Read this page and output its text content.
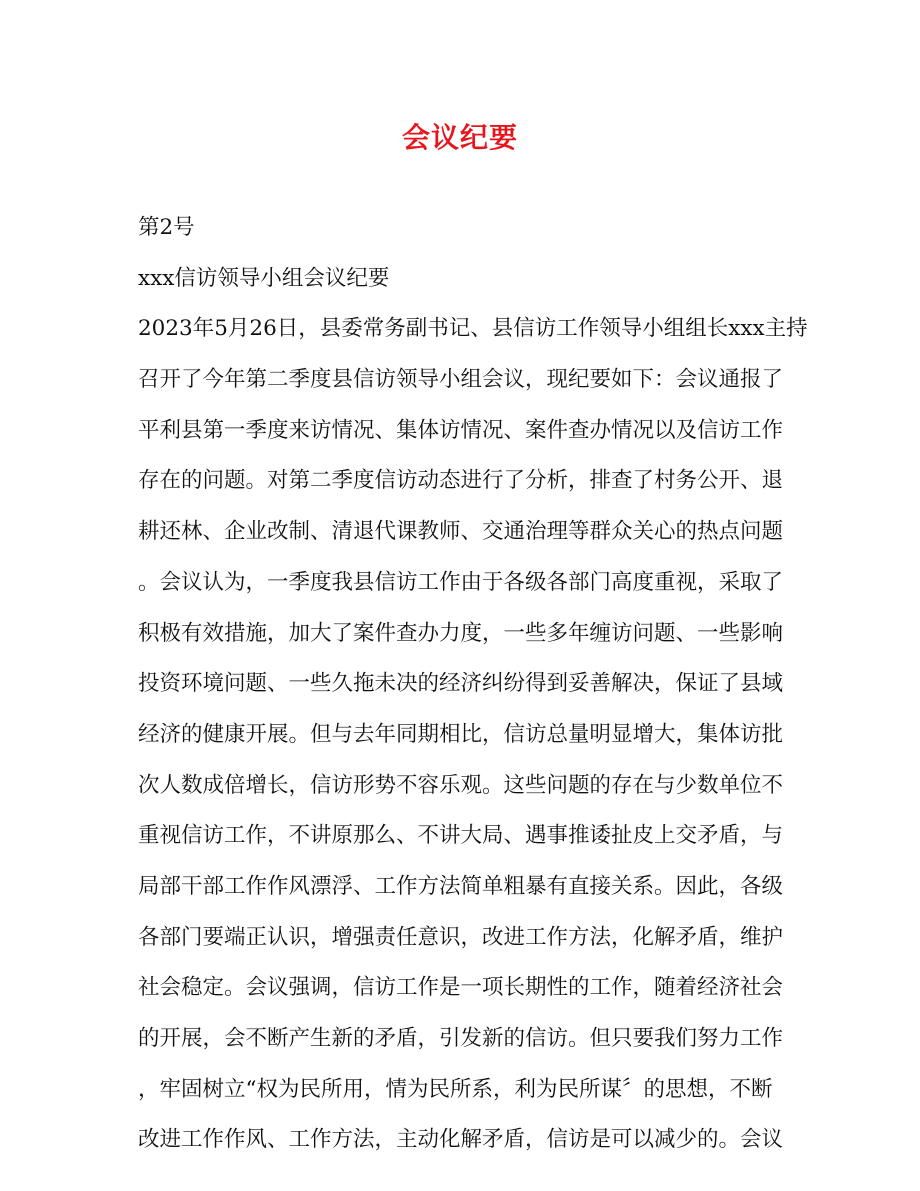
会议纪要
第2号
xxx信访领导小组会议纪要
2023年5月26日，县委常务副书记、县信访工作领导小组组长xxx主持
召开了今年第二季度县信访领导小组会议，现纪要如下：会议通报了
平利县第一季度来访情况、集体访情况、案件查办情况以及信访工作
存在的问题。对第二季度信访动态进行了分析，排查了村务公开、退
耕还林、企业改制、清退代课教师、交通治理等群众关心的热点问题
。会议认为，一季度我县信访工作由于各级各部门高度重视，采取了
积极有效措施，加大了案件查办力度，一些多年缠访问题、一些影响
投资环境问题、一些久拖未决的经济纠纷得到妥善解决，保证了县域
经济的健康开展。但与去年同期相比，信访总量明显增大，集体访批
次人数成倍增长，信访形势不容乐观。这些问题的存在与少数单位不
重视信访工作，不讲原那么、不讲大局、遇事推诿扯皮上交矛盾，与
局部干部工作作风漂浮、工作方法简单粗暴有直接关系。因此，各级
各部门要端正认识，增强责任意识，改进工作方法，化解矛盾，维护
社会稳定。会议强调，信访工作是一项长期性的工作，随着经济社会
的开展，会不断产生新的矛盾，引发新的信访。但只要我们努力工作
，牢固树立“权为民所用，情为民所系，利为民所谋〞的思想，不断
改进工作作风、工作方法，主动化解矛盾，信访是可以减少的。会议
